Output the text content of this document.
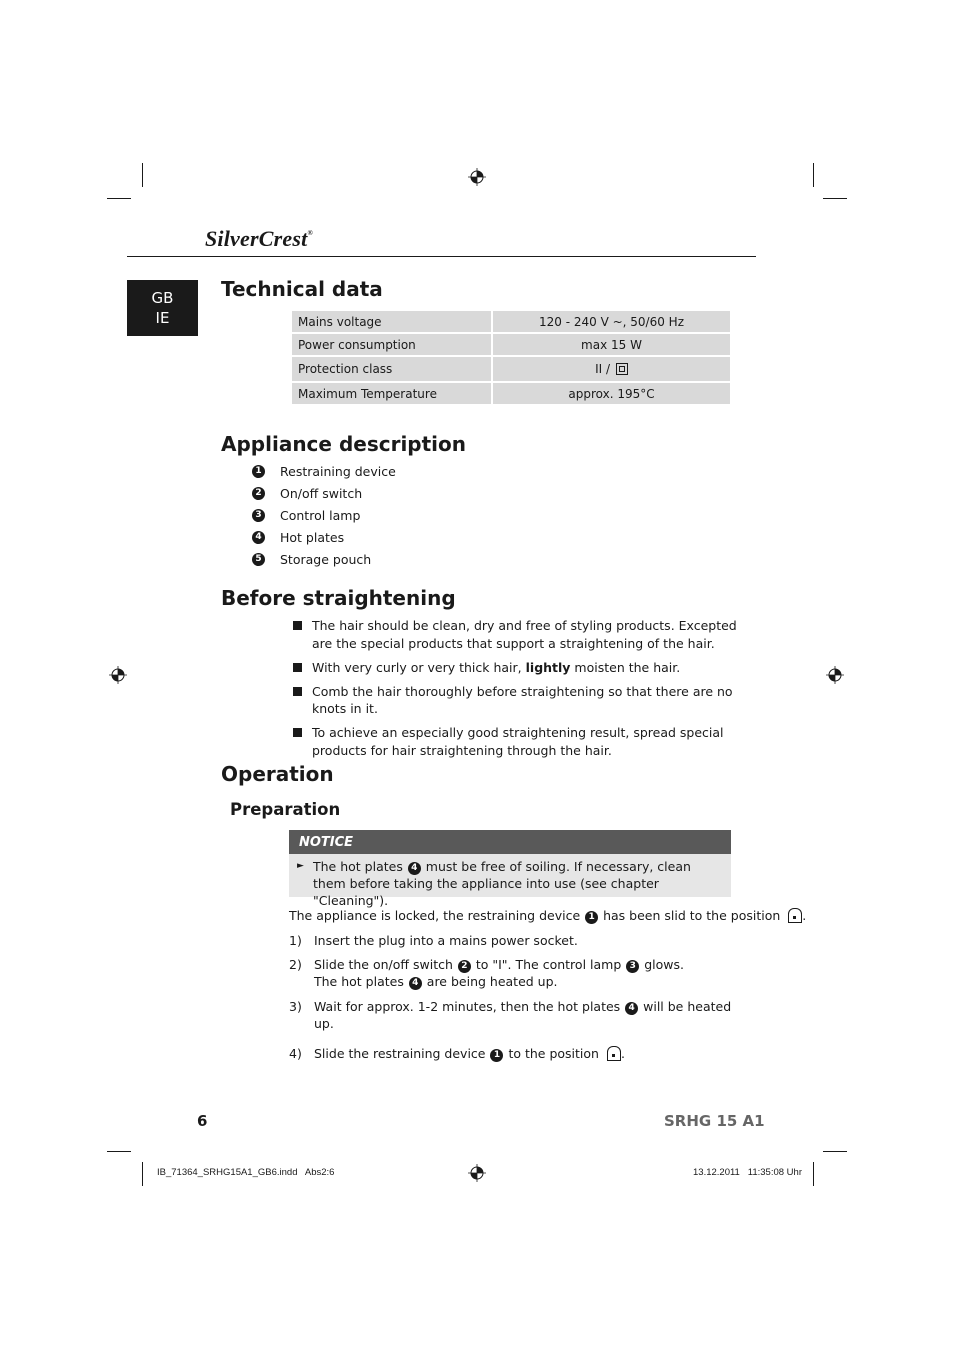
SilverCrest®
GB
IE
Technical data
Mains voltage	120 - 240 V ~, 50/60 Hz
Power consumption	max 15 W
Protection class	II /
Maximum Temperature	approx. 195°C
Appliance description
1 Restraining device
2 On/off switch
3 Control lamp
4 Hot plates
5 Storage pouch
Before straightening
The hair should be clean, dry and free of styling products. Excepted are the special products that support a straightening of the hair.
With very curly or very thick hair, lightly moisten the hair.
Comb the hair thoroughly before straightening so that there are no knots in it.
To achieve an especially good straightening result, spread special products for hair straightening through the hair.
Operation
Preparation
NOTICE
► The hot plates 4 must be free of soiling. If necessary, clean them before taking the appliance into use (see chapter "Cleaning").
The appliance is locked, the restraining device 1 has been slid to the position .
1) Insert the plug into a mains power socket.
2) Slide the on/off switch 2 to "I". The control lamp 3 glows.
The hot plates 4 are being heated up.
3) Wait for approx. 1-2 minutes, then the hot plates 4 will be heated up.
4) Slide the restraining device 1 to the position .
6	SRHG 15 A1
IB_71364_SRHG15A1_GB6.indd   Abs2:6	13.12.2011   11:35:08 Uhr
